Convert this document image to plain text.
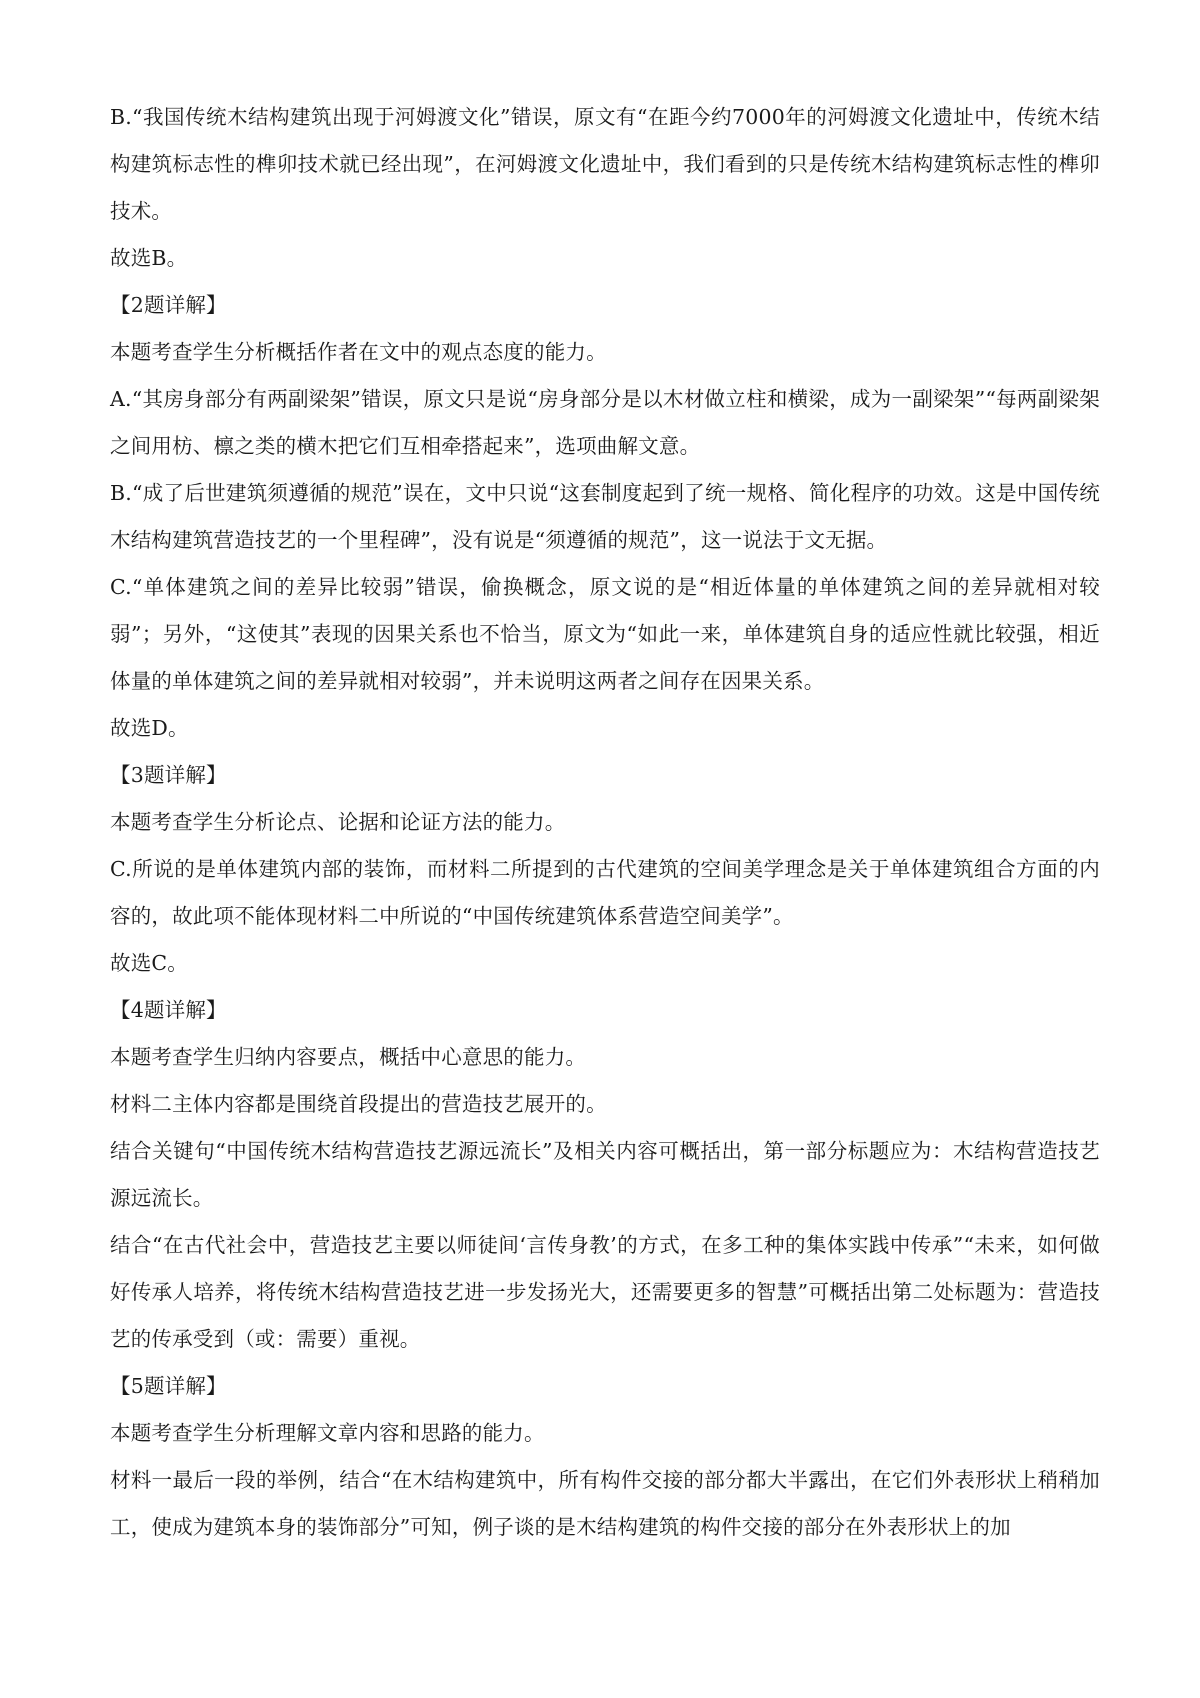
B.“我国传统木结构建筑出现于河姆渡文化”错误，原文有“在距今约7000年的河姆渡文化遗址中，传统木结构建筑标志性的榫卯技术就已经出现”，在河姆渡文化遗址中，我们看到的只是传统木结构建筑标志性的榫卯技术。

故选B。

【2题详解】

本题考查学生分析概括作者在文中的观点态度的能力。

A.“其房身部分有两副梁架”错误，原文只是说“房身部分是以木材做立柱和横梁，成为一副梁架”“每两副梁架之间用枋、檩之类的横木把它们互相牵搭起来”，选项曲解文意。

B.“成了后世建筑须遵循的规范”误在，文中只说“这套制度起到了统一规格、简化程序的功效。这是中国传统木结构建筑营造技艺的一个里程碑”，没有说是“须遵循的规范”，这一说法于文无据。

C.“单体建筑之间的差异比较弱”错误，偷换概念，原文说的是“相近体量的单体建筑之间的差异就相对较弱”；另外，“这使其”表现的因果关系也不恰当，原文为“如此一来，单体建筑自身的适应性就比较强，相近体量的单体建筑之间的差异就相对较弱”，并未说明这两者之间存在因果关系。

故选D。

【3题详解】

本题考查学生分析论点、论据和论证方法的能力。

C.所说的是单体建筑内部的装饰，而材料二所提到的古代建筑的空间美学理念是关于单体建筑组合方面的内容的，故此项不能体现材料二中所说的“中国传统建筑体系营造空间美学”。

故选C。

【4题详解】

本题考查学生归纳内容要点，概括中心意思的能力。

材料二主体内容都是围绕首段提出的营造技艺展开的。

结合关键句“中国传统木结构营造技艺源远流长”及相关内容可概括出，第一部分标题应为：木结构营造技艺源远流长。

结合“在古代社会中，营造技艺主要以师徒间‘言传身教’的方式，在多工种的集体实践中传承”“未来，如何做好传承人培养，将传统木结构营造技艺进一步发扬光大，还需要更多的智慧”可概括出第二处标题为：营造技艺的传承受到（或：需要）重视。

【5题详解】

本题考查学生分析理解文章内容和思路的能力。

材料一最后一段的举例，结合“在木结构建筑中，所有构件交接的部分都大半露出，在它们外表形状上稍稍加工，使成为建筑本身的装饰部分”可知，例子谈的是木结构建筑的构件交接的部分在外表形状上的加
